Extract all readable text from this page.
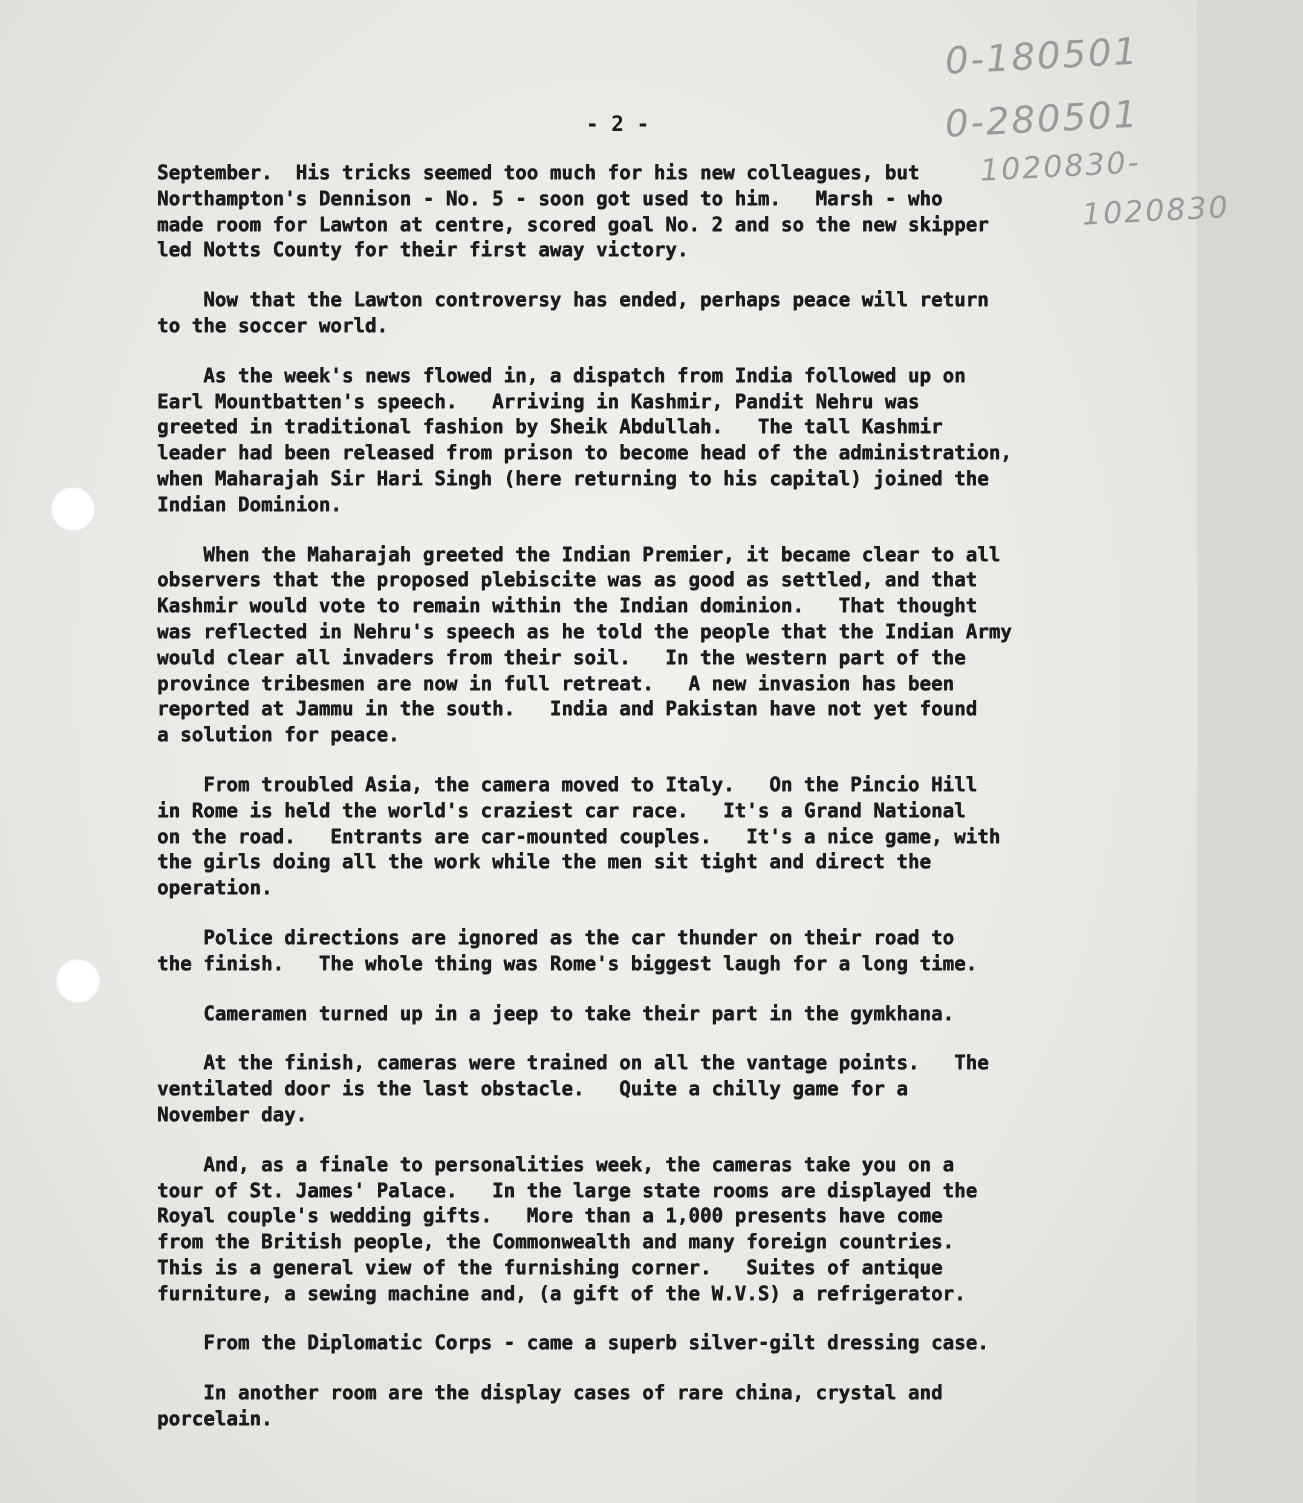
0-180501
0-280501
1020830-
1020830
- 2 -
September.  His tricks seemed too much for his new colleagues, but
Northampton's Dennison - No. 5 - soon got used to him.   Marsh - who
made room for Lawton at centre, scored goal No. 2 and so the new skipper
led Notts County for their first away victory.
Now that the Lawton controversy has ended, perhaps peace will return
to the soccer world.
As the week's news flowed in, a dispatch from India followed up on
Earl Mountbatten's speech.   Arriving in Kashmir, Pandit Nehru was
greeted in traditional fashion by Sheik Abdullah.   The tall Kashmir
leader had been released from prison to become head of the administration,
when Maharajah Sir Hari Singh (here returning to his capital) joined the
Indian Dominion.
When the Maharajah greeted the Indian Premier, it became clear to all
observers that the proposed plebiscite was as good as settled, and that
Kashmir would vote to remain within the Indian dominion.   That thought
was reflected in Nehru's speech as he told the people that the Indian Army
would clear all invaders from their soil.   In the western part of the
province tribesmen are now in full retreat.   A new invasion has been
reported at Jammu in the south.   India and Pakistan have not yet found
a solution for peace.
From troubled Asia, the camera moved to Italy.   On the Pincio Hill
in Rome is held the world's craziest car race.   It's a Grand National
on the road.   Entrants are car-mounted couples.   It's a nice game, with
the girls doing all the work while the men sit tight and direct the
operation.
Police directions are ignored as the car thunder on their road to
the finish.   The whole thing was Rome's biggest laugh for a long time.
Cameramen turned up in a jeep to take their part in the gymkhana.
At the finish, cameras were trained on all the vantage points.   The
ventilated door is the last obstacle.   Quite a chilly game for a
November day.
And, as a finale to personalities week, the cameras take you on a
tour of St. James' Palace.   In the large state rooms are displayed the
Royal couple's wedding gifts.   More than a 1,000 presents have come
from the British people, the Commonwealth and many foreign countries.
This is a general view of the furnishing corner.   Suites of antique
furniture, a sewing machine and, (a gift of the W.V.S) a refrigerator.
From the Diplomatic Corps - came a superb silver-gilt dressing case.
In another room are the display cases of rare china, crystal and
porcelain.
